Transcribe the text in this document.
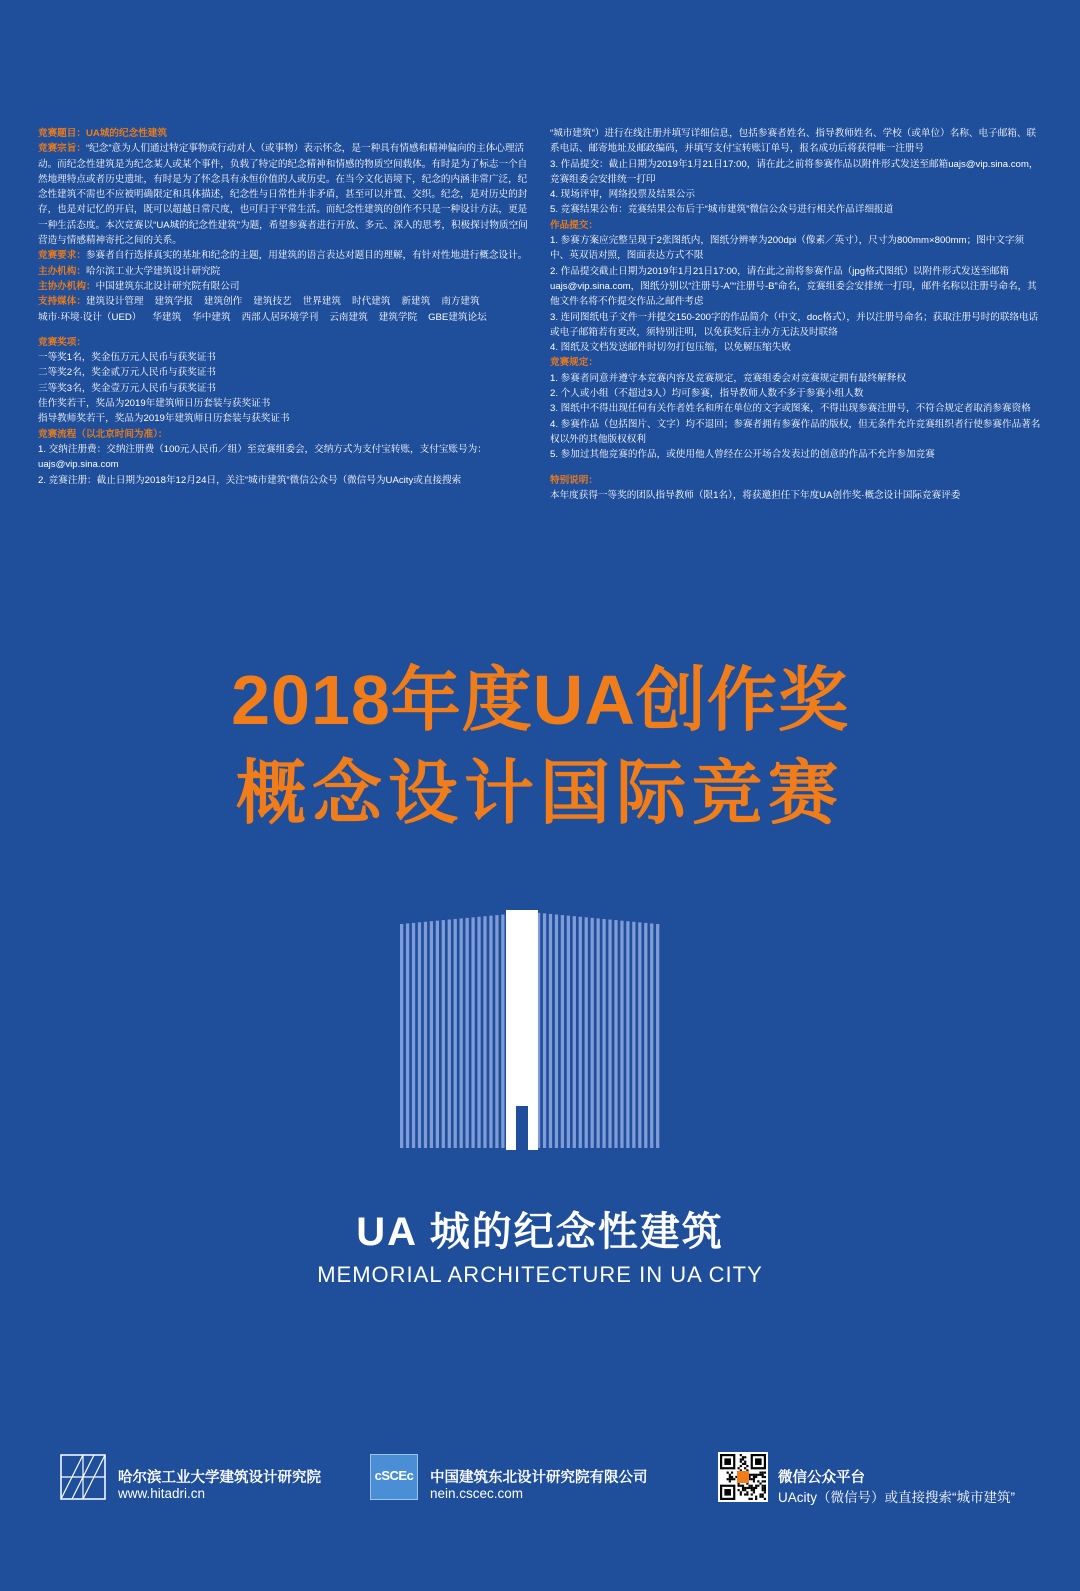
竞赛题目：UA城的纪念性建筑

竞赛宗旨：“纪念”意为人们通过特定事物或行动对人（或事物）表示怀念，是一种具有情感和精神偏向的主体心理活动。而纪念性建筑是为纪念某人或某个事件，负载了特定的纪念精神和情感的物质空间载体。有时是为了标志一个自然地理特点或者历史遗址，有时是为了怀念具有永恒价值的人或历史。在当今文化语境下，纪念的内涵非常广泛，纪念性建筑不需也不应被明确限定和具体描述，纪念性与日常性并非矛盾，甚至可以并置、交织。纪念，是对历史的封存，也是对记忆的开启，既可以超越日常尺度，也可归于平常生活。而纪念性建筑的创作不只是一种设计方法，更是一种生活态度。本次竞赛以“UA城的纪念性建筑”为题，希望参赛者进行开放、多元、深入的思考，积极探讨物质空间营造与情感精神寄托之间的关系。

竞赛要求：参赛者自行选择真实的基址和纪念的主题，用建筑的语言表达对题目的理解，有针对性地进行概念设计。

主办机构：哈尔滨工业大学建筑设计研究院

主协办机构：中国建筑东北设计研究院有限公司

支持媒体：建筑设计管理 建筑学报 建筑创作 建筑技艺 世界建筑 时代建筑 新建筑 南方建筑

城市·环境·设计（UED） 华建筑 华中建筑 西部人居环境学刊 云南建筑 建筑学院 GBE建筑论坛

竞赛奖项：

一等奖1名，奖金伍万元人民币与获奖证书

二等奖2名，奖金贰万元人民币与获奖证书

三等奖3名，奖金壹万元人民币与获奖证书

佳作奖若干，奖品为2019年建筑师日历套装与获奖证书

指导教师奖若干，奖品为2019年建筑师日历套装与获奖证书

竞赛流程（以北京时间为准）：

1. 交纳注册费：交纳注册费（100元人民币／组）至竞赛组委会，交纳方式为支付宝转账，支付宝账号为：uajs@vip.sina.com

2. 竞赛注册：截止日期为2018年12月24日，关注“城市建筑”微信公众号（微信号为UAcity或直接搜索

“城市建筑”）进行在线注册并填写详细信息，包括参赛者姓名、指导教师姓名、学校（或单位）名称、电子邮箱、联系电话、邮寄地址及邮政编码，并填写支付宝转账订单号，报名成功后将获得唯一注册号

3. 作品提交：截止日期为2019年1月21日17:00，请在此之前将参赛作品以附件形式发送至邮箱uajs@vip.sina.com，竞赛组委会安排统一打印

4. 现场评审，网络投票及结果公示

5. 竞赛结果公布：竞赛结果公布后于“城市建筑”微信公众号进行相关作品详细报道

作品提交：

1. 参赛方案应完整呈现于2张图纸内，图纸分辨率为200dpi（像素／英寸），尺寸为800mm×800mm；图中文字须中、英双语对照，图面表达方式不限

2. 作品提交截止日期为2019年1月21日17:00，请在此之前将参赛作品（jpg格式图纸）以附件形式发送至邮箱uajs@vip.sina.com，图纸分别以“注册号-A”“注册号-B”命名，竞赛组委会安排统一打印，邮件名称以注册号命名，其他文件名将不作提交作品之邮件考虑

3. 连同图纸电子文件一并提交150-200字的作品简介（中文，doc格式），并以注册号命名；获取注册号时的联络电话或电子邮箱若有更改，须特别注明，以免获奖后主办方无法及时联络

4. 图纸及文档发送邮件时切勿打包压缩，以免解压缩失败

竞赛规定：

1. 参赛者同意并遵守本竞赛内容及竞赛规定，竞赛组委会对竞赛规定拥有最终解释权

2. 个人或小组（不超过3人）均可参赛，指导教师人数不多于参赛小组人数

3. 图纸中不得出现任何有关作者姓名和所在单位的文字或图案，不得出现参赛注册号，不符合规定者取消参赛资格

4. 参赛作品（包括图片、文字）均不退回；参赛者拥有参赛作品的版权，但无条件允许竞赛组织者行使参赛作品著名权以外的其他版权权利

5. 参加过其他竞赛的作品，或使用他人曾经在公开场合发表过的创意的作品不允许参加竞赛

特别说明：

本年度获得一等奖的团队指导教师（限1名），将获邀担任下年度UA创作奖·概念设计国际竞赛评委

2018年度UA创作奖
概念设计国际竞赛
UA 城的纪念性建筑
MEMORIAL ARCHITECTURE IN UA CITY
哈尔滨工业大学建筑设计研究院
www.hitadri.cn
cSCEc 中国建筑东北设计研究院有限公司
nein.cscec.com
微信公众平台
UAcity（微信号）或直接搜索“城市建筑”
